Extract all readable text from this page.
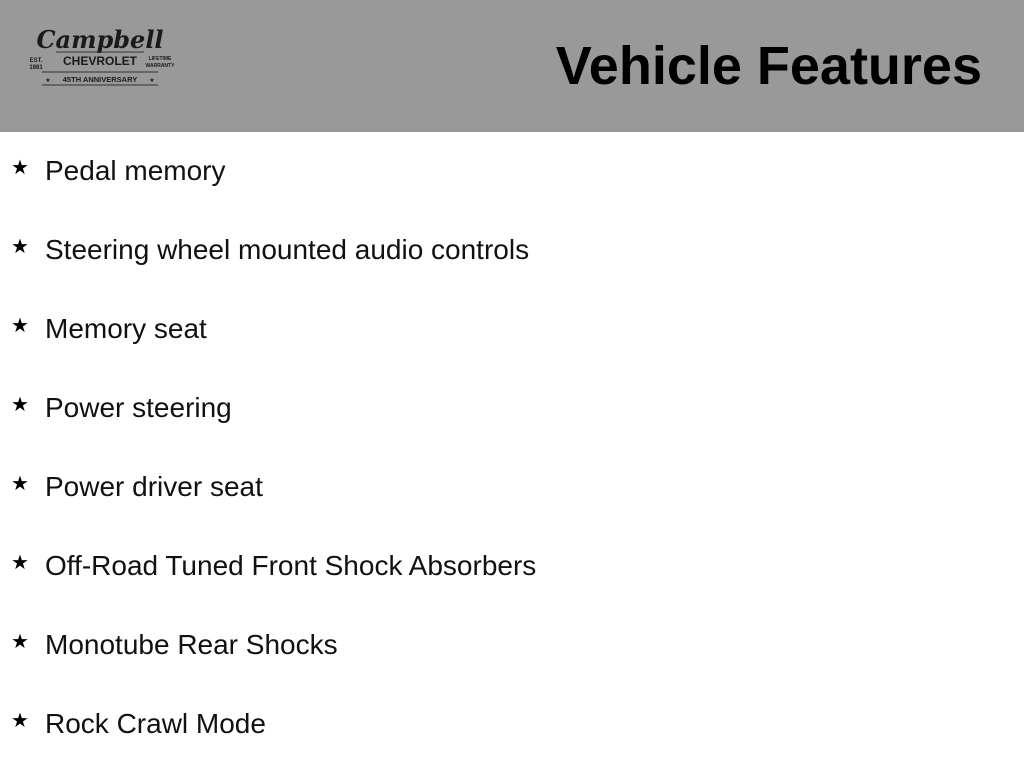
Campbell
EST.
1981 CHEVROLET LIFETIME
WARRANTY
45TH ANNIVERSARY
★	★	Vehicle Features
★ Pedal memory
★ Steering wheel mounted audio controls
★ Memory seat
★ Power steering
★ Power driver seat
★ Off-Road Tuned Front Shock Absorbers
★ Monotube Rear Shocks
★ Rock Crawl Mode
